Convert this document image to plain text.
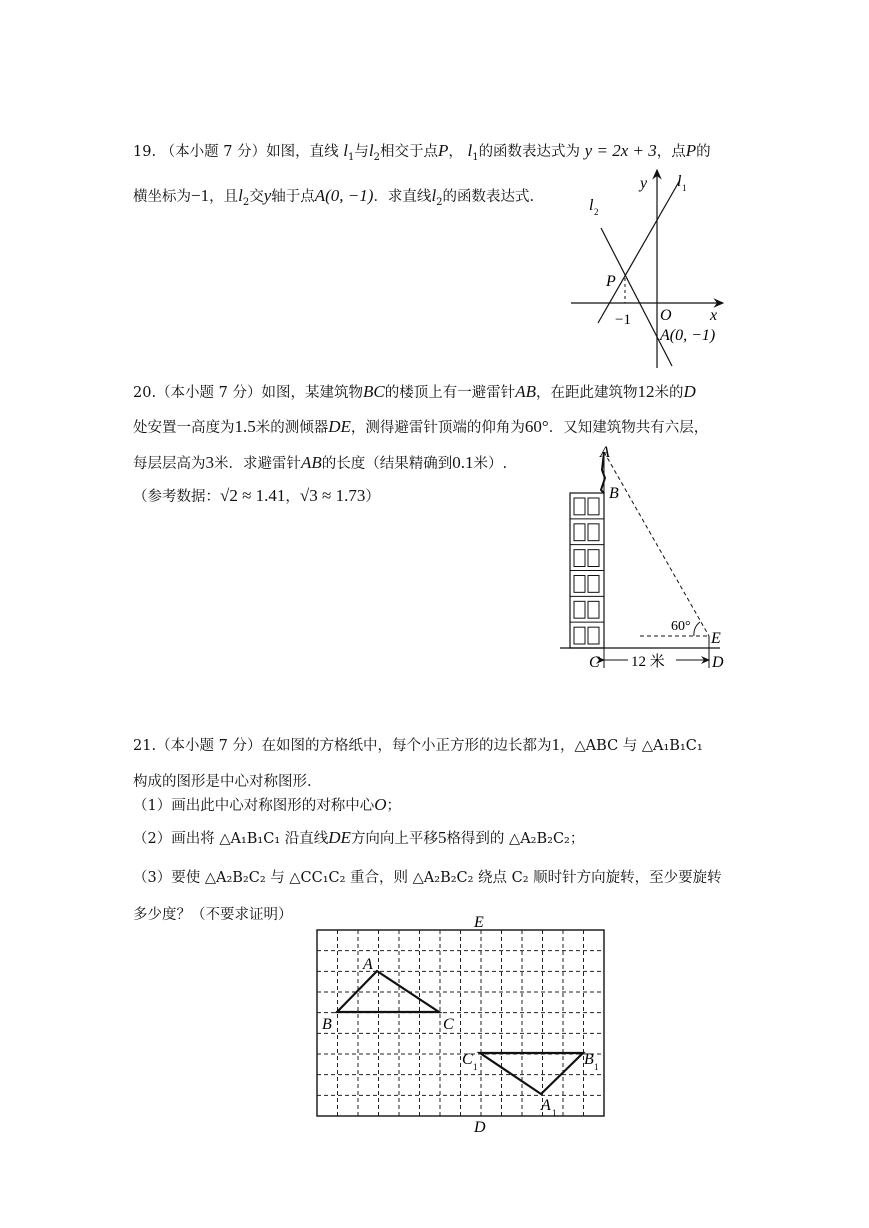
19. （本小题 7 分）如图，直线 $l_1$与$l_2$相交于点P， $l_1$的函数表达式为 y = 2x + 3，点P的
横坐标为−1，且$l_2$交y轴于点A(0, −1)．求直线$l_2$的函数表达式.
y l 1
l 2
P
O x
−1
A(0, −1)
20.（本小题 7 分）如图，某建筑物BC的楼顶上有一避雷针AB，在距此建筑物12米的D
处安置一高度为1.5米的测倾器DE，测得避雷针顶端的仰角为60°．又知建筑物共有六层，
每层层高为3米．求避雷针AB的长度（结果精确到0.1米）.
（参考数据：√2 ≈ 1.41，√3 ≈ 1.73）
12 米
A
B
C	D
E
60°
21.（本小题 7 分）在如图的方格纸中，每个小正方形的边长都为1，△ABC 与 △A₁B₁C₁
构成的图形是中心对称图形.
（1）画出此中心对称图形的对称中心O；
（2）画出将 △A₁B₁C₁ 沿直线DE方向向上平移5格得到的 △A₂B₂C₂；
（3）要使 △A₂B₂C₂ 与 △CC₁C₂ 重合，则 △A₂B₂C₂ 绕点 C₂ 顺时针方向旋转，至少要旋转
多少度？（不要求证明）	E
D
A
B	C
C 1	B 1
A 1
